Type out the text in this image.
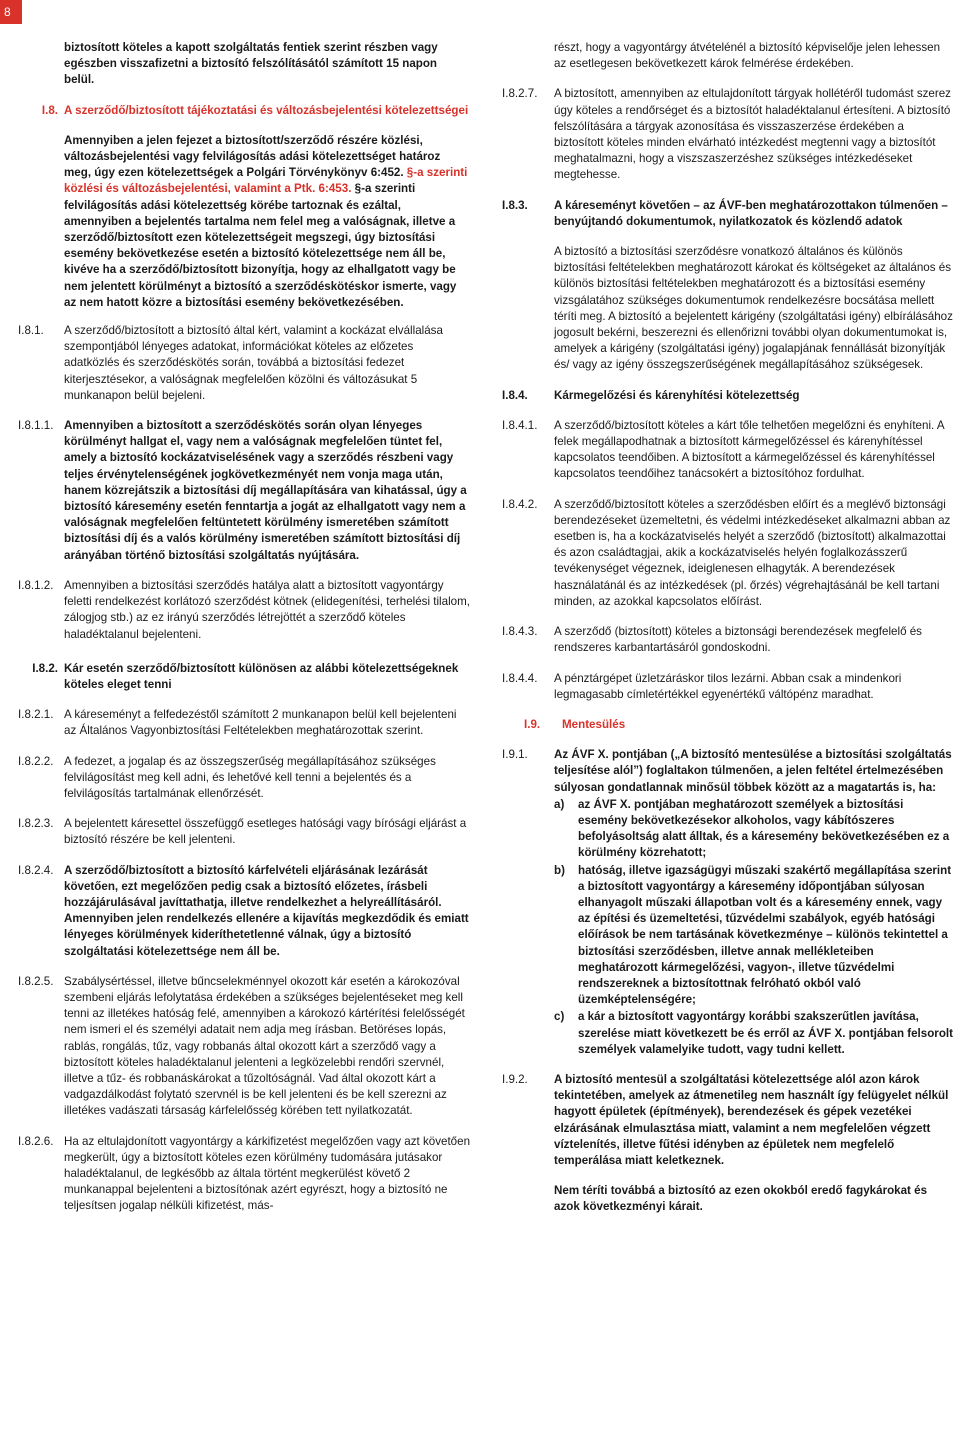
8

biztosított köteles a kapott szolgáltatás fentiek szerint részben vagy egészben visszafizetni a biztosító felszólításától számított 15 napon belül.

I.8. A szerződő/biztosított tájékoztatási és változásbejelentési kötelezettségei
Amennyiben a jelen fejezet a biztosított/szerződő részére közlési, változásbejelentési vagy felvilágosítás adási kötelezettséget határoz meg, úgy ezen kötelezettségek a Polgári Törvénykönyv 6:452. §-a szerinti közlési és változásbejelentési, valamint a Ptk. 6:453. §-a szerinti felvilágosítás adási kötelezettség körébe tartoznak és ezáltal, amennyiben a bejelentés tartalma nem felel meg a valóságnak, illetve a szerződő/biztosított ezen kötelezettségeit megszegi, úgy biztosítási esemény bekövetkezése esetén a biztosító kötelezettsége nem áll be, kivéve ha a szerződő/biztosított bizonyítja, hogy az elhallgatott vagy be nem jelentett körülményt a biztosító a szerződéskötéskor ismerte, vagy az nem hatott közre a biztosítási esemény bekövetkezésében.
I.8.1.	A szerződő/biztosított a biztosító által kért, valamint a kockázat elvállalása szempontjából lényeges adatokat, információkat köteles az előzetes adatközlés és szerződéskötés során, továbbá a biztosítási fedezet kiterjesztésekor, a valóságnak megfelelően közölni és változásukat 5 munkanapon belül bejeleni.
I.8.1.1. Amennyiben a biztosított a szerződéskötés során olyan lényeges körülményt hallgat el, vagy nem a valóságnak megfelelően tüntet fel, amely a biztosító kockázatviselésének vagy a szerződés részbeni vagy teljes érvénytelenségének jogkövetkezményét nem vonja maga után, hanem közrejátszik a biztosítási díj megállapítására van kihatással, úgy a biztosító káresemény esetén fenntartja a jogát az elhallgatott vagy nem a valóságnak megfelelően feltüntetett körülmény ismeretében számított biztosítási díj és a valós körülmény ismeretében számított biztosítási díj arányában történő biztosítási szolgáltatás nyújtására.
I.8.1.2. Amennyiben a biztosítási szerződés hatálya alatt a biztosított vagyontárgy feletti rendelkezést korlátozó szerződést kötnek (elidegenítési, terhelési tilalom, zálogjog stb.) az ez irányú szerződés létrejöttét a szerződő köteles haladéktalanul bejelenteni.
I.8.2. Kár esetén szerződő/biztosított különösen az alábbi kötelezettségeknek köteles eleget tenni
I.8.2.1. A káreseményt a felfedezéstől számított 2 munkanapon belül kell bejelenteni az Általános Vagyonbiztosítási Feltételekben meghatározottak szerint.
I.8.2.2. A fedezet, a jogalap és az összegszerűség megállapításához szükséges felvilágosítást meg kell adni, és lehetővé kell tenni a bejelentés és a felvilágosítás tartalmának ellenőrzését.
I.8.2.3. A bejelentett káresettel összefüggő esetleges hatósági vagy bírósági eljárást a biztosító részére be kell jelenteni.
I.8.2.4. A szerződő/biztosított a biztosító kárfelvételi eljárásának lezárását követően, ezt megelőzően pedig csak a biztosító előzetes, írásbeli hozzájárulásával javíttathatja, illetve rendelkezhet a helyreállításáról. Amennyiben jelen rendelkezés ellenére a kijavítás megkezdődik és emiatt lényeges körülmények kideríthetetlenné válnak, úgy a biztosító szolgáltatási kötelezettsége nem áll be.
I.8.2.5. Szabálysértéssel, illetve bűncselekménnyel okozott kár esetén a károkozóval szembeni eljárás lefolytatása érdekében a szükséges bejelentéseket meg kell tenni az illetékes hatóság felé, amennyiben a károkozó kártérítési felelősségét nem ismeri el és személyi adatait nem adja meg írásban. Betöréses lopás, rablás, rongálás, tűz, vagy robbanás által okozott kárt a szerződő vagy a biztosított köteles haladéktalanul jelenteni a legközelebbi rendőri szervnél, illetve a tűz- és robbanáskárokat a tűzoltóságnál. Vad által okozott kárt a vadgazdálkodást folytató szervnél is be kell jelenteni és be kell szerezni az illetékes vadászati társaság kárfelelősség körében tett nyilatkozatát.
I.8.2.6. Ha az eltulajdonított vagyontárgy a kárkifizetést megelőzően vagy azt követően megkerült, úgy a biztosított köteles ezen körülmény tudomására jutásakor haladéktalanul, de legkésőbb az általa történt megkerülést követő 2 munkanappal bejelenteni a biztosítónak azért egyrészt, hogy a biztosító ne teljesítsen jogalap nélküli kifizetést, más-

részt, hogy a vagyontárgy átvételénél a biztosító képviselője jelen lehessen az esetlegesen bekövetkezett károk felmérése érdekében.

I.8.2.7.	A biztosított, amennyiben az eltulajdonított tárgyak hollétéről tudomást szerez úgy köteles a rendőrséget és a biztosítót haladéktalanul értesíteni. A biztosító felszólítására a tárgyak azonosítása és visszaszerzése érdekében a biztosított köteles minden elvárható intézkedést megtenni vagy a biztosítót meghatalmazni, hogy a viszszaszerzéshez szükséges intézkedéseket megtehesse.
I.8.3.	A káreseményt követően – az ÁVF-ben meghatározottakon túlmenően – benyújtandó dokumentumok, nyilatkozatok és közlendő adatok

A biztosító a biztosítási szerződésre vonatkozó általános és különös biztosítási feltételekben meghatározott károkat és költségeket az általános és különös biztosítási feltételekben meghatározott és a biztosítási esemény vizsgálatához szükséges dokumentumok rendelkezésre bocsátása mellett téríti meg. A biztosító a bejelentett kárigény (szolgáltatási igény) elbírálásához jogosult bekérni, beszerezni és ellenőrizni további olyan dokumentumokat is, amelyek a kárigény (szolgáltatási igény) jogalapjának fennállását bizonyítják és/ vagy az igény összegszerűségének megállapításához szükségesek.

I.8.4.	Kármegelőzési és kárenyhítési kötelezettség
I.8.4.1.	A szerződő/biztosított köteles a kárt tőle telhetően megelőzni és enyhíteni. A felek megállapodhatnak a biztosított kármegelőzéssel és kárenyhítéssel kapcsolatos teendőiben. A biztosított a kármegelőzéssel és kárenyhítéssel kapcsolatos teendőihez tanácsokért a biztosítóhoz fordulhat.
I.8.4.2.	A szerződő/biztosított köteles a szerződésben előírt és a meglévő biztonsági berendezéseket üzemeltetni, és védelmi intézkedéseket alkalmazni abban az esetben is, ha a kockázatviselés helyét a szerződő (biztosított) alkalmazottai és azon családtagjai, akik a kockázatviselés helyén foglalkozásszerű tevékenységet végeznek, ideiglenesen elhagyták. A berendezések használatánál és az intézkedések (pl. őrzés) végrehajtásánál be kell tartani minden, az azokkal kapcsolatos előírást.
I.8.4.3.	A szerződő (biztosított) köteles a biztonsági berendezések megfelelő és rendszeres karbantartásáról gondoskodni.
I.8.4.4.	A pénztárgépet üzletzáráskor tilos lezárni. Abban csak a mindenkori legmagasabb címletértékkel egyenértékű váltópénz maradhat.
I.9.	Mentesülés
I.9.1.	Az ÁVF X. pontjában („A biztosító mentesülése a biztosítási szolgáltatás teljesítése alól”) foglaltakon túlmenően, a jelen feltétel értelmezésében súlyosan gondatlannak minősül többek között az a magatartás is, ha:
a)	az ÁVF X. pontjában meghatározott személyek a biztosítási esemény bekövetkezésekor alkoholos, vagy kábítószeres befolyásoltság alatt álltak, és a káresemény bekövetkezésében ez a körülmény közrehatott;
b)	hatóság, illetve igazságügyi műszaki szakértő megállapítása szerint a biztosított vagyontárgy a káresemény időpontjában súlyosan elhanyagolt műszaki állapotban volt és a káresemény ennek, vagy az építési és üzemeltetési, tűzvédelmi szabályok, egyéb hatósági előírások be nem tartásának következménye – különös tekintettel a biztosítási szerződésben, illetve annak mellékleteiben meghatározott kármegelőzési, vagyon-, illetve tűzvédelmi rendszereknek a biztosítottnak felróható okból való üzemképtelenségére;
c)	a kár a biztosított vagyontárgy korábbi szakszerűtlen javítása, szerelése miatt következett be és erről az ÁVF X. pontjában felsorolt személyek valamelyike tudott, vagy tudni kellett.
I.9.2.	A biztosító mentesül a szolgáltatási kötelezettsége alól azon károk tekintetében, amelyek az átmenetileg nem használt így felügyelet nélkül hagyott épületek (építmények), berendezések és gépek vezetékei elzárásának elmulasztása miatt, valamint a nem megfelelően végzett víztelenítés, illetve fűtési idényben az épületek nem megfelelő temperálása miatt keletkeznek.

Nem téríti továbbá a biztosító az ezen okokból eredő fagykárokat és azok következményi kárait.
